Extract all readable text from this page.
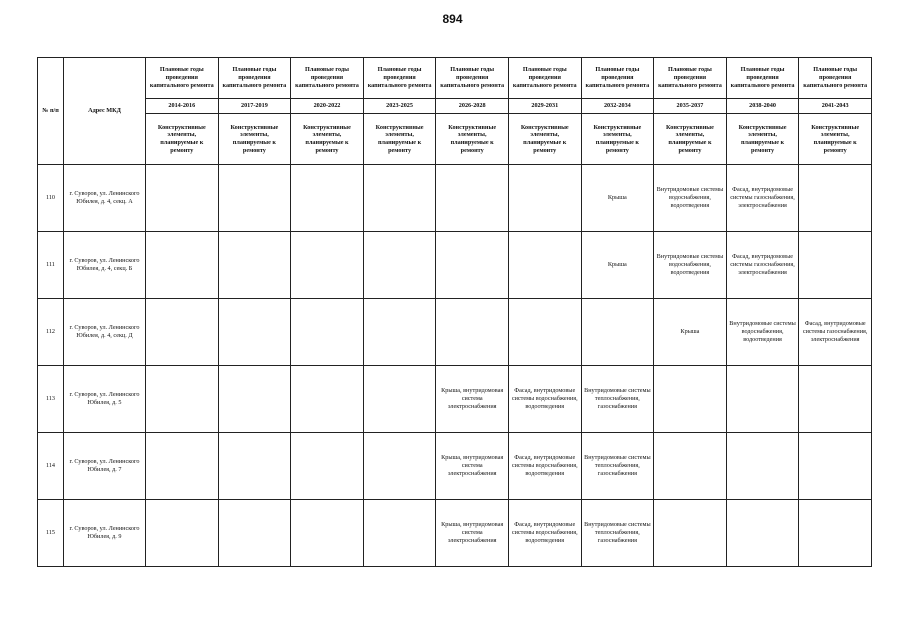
894
№ п/п	Адрес МКД	Плановые годы проведения капитального ремонта	Плановые годы проведения капитального ремонта	Плановые годы проведения капитального ремонта	Плановые годы проведения капитального ремонта	Плановые годы проведения капитального ремонта	Плановые годы проведения капитального ремонта	Плановые годы проведения капитального ремонта	Плановые годы проведения капитального ремонта	Плановые годы проведения капитального ремонта	Плановые годы проведения капитального ремонта
		2014-2016	2017-2019	2020-2022	2023-2025	2026-2028	2029-2031	2032-2034	2035-2037	2038-2040	2041-2043
		Конструктивные элементы, планируемые к ремонту	Конструктивные элементы, планируемые к ремонту	Конструктивные элементы, планируемые к ремонту	Конструктивные элементы, планируемые к ремонту	Конструктивные элементы, планируемые к ремонту	Конструктивные элементы, планируемые к ремонту	Конструктивные элементы, планируемые к ремонту	Конструктивные элементы, планируемые к ремонту	Конструктивные элементы, планируемые к ремонту	Конструктивные элементы, планируемые к ремонту
110	г. Суворов, ул. Ленинского Юбилея, д. 4, секц. А							Крыша	Внутридомовые системы водоснабжения, водоотведения	Фасад, внутридомовые системы газоснабжения, электроснабжения	
111	г. Суворов, ул. Ленинского Юбилея, д. 4, секц. Б							Крыша	Внутридомовые системы водоснабжения, водоотведения	Фасад, внутридомовые системы газоснабжения, электроснабжения	
112	г. Суворов, ул. Ленинского Юбилея, д. 4, секц. Д								Крыша	Внутридомовые системы водоснабжения, водоотведения	Фасад, внутридомовые системы газоснабжения, электроснабжения
113	г. Суворов, ул. Ленинского Юбилея, д. 5					Крыша, внутридомовая система электроснабжения	Фасад, внутридомовые системы водоснабжения, водоотведения	Внутридомовые системы теплоснабжения, газоснабжения			
114	г. Суворов, ул. Ленинского Юбилея, д. 7					Крыша, внутридомовая система электроснабжения	Фасад, внутридомовые системы водоснабжения, водоотведения	Внутридомовые системы теплоснабжения, газоснабжения			
115	г. Суворов, ул. Ленинского Юбилея, д. 9					Крыша, внутридомовая система электроснабжения	Фасад, внутридомовые системы водоснабжения, водоотведения	Внутридомовые системы теплоснабжения, газоснабжения			
